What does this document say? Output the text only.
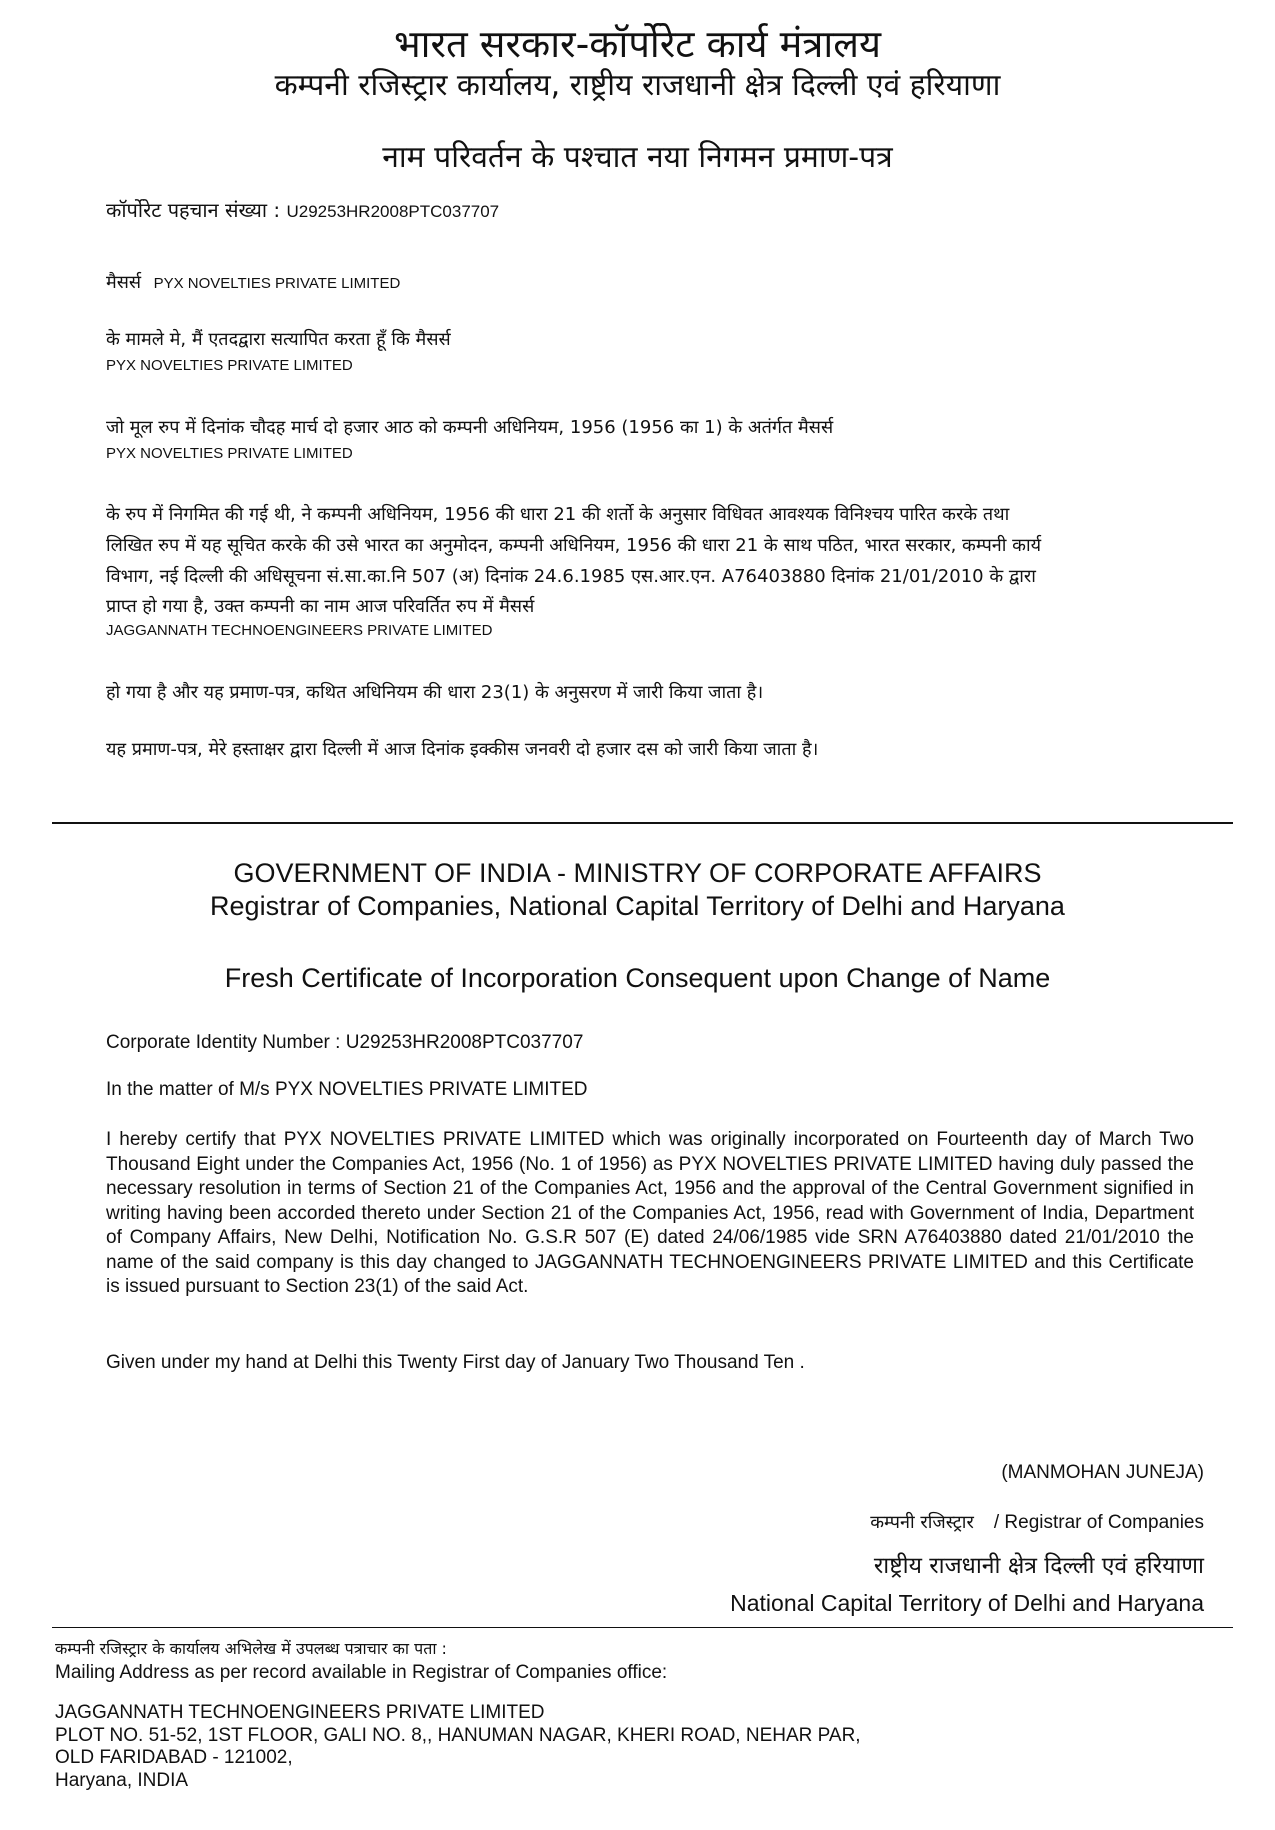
भारत सरकार-कॉर्पोरेट कार्य मंत्रालय
कम्पनी रजिस्ट्रार कार्यालय, राष्ट्रीय राजधानी क्षेत्र दिल्ली एवं हरियाणा
नाम परिवर्तन के पश्चात नया निगमन प्रमाण-पत्र
कॉर्पोरेट पहचान संख्या : U29253HR2008PTC037707
मैसर्स PYX NOVELTIES PRIVATE LIMITED
के मामले मे, मैं एतदद्वारा सत्यापित करता हूँ कि मैसर्स
PYX NOVELTIES PRIVATE LIMITED
जो मूल रुप में दिनांक चौदह मार्च दो हजार आठ को कम्पनी अधिनियम, 1956 (1956 का 1) के अतंर्गत मैसर्स
PYX NOVELTIES PRIVATE LIMITED
के रुप में निगमित की गई थी, ने कम्पनी अधिनियम, 1956 की धारा 21 की शर्तो के अनुसार विधिवत आवश्यक विनिश्चय पारित करके तथा
लिखित रुप में यह सूचित करके की उसे भारत का अनुमोदन, कम्पनी अधिनियम, 1956 की धारा 21 के साथ पठित, भारत सरकार, कम्पनी कार्य
विभाग, नई दिल्ली की अधिसूचना सं.सा.का.नि 507 (अ) दिनांक 24.6.1985 एस.आर.एन. A76403880 दिनांक 21/01/2010 के द्वारा
प्राप्त हो गया है, उक्त कम्पनी का नाम आज परिवर्तित रुप में मैसर्स
JAGGANNATH TECHNOENGINEERS PRIVATE LIMITED
हो गया है और यह प्रमाण-पत्र, कथित अधिनियम की धारा 23(1) के अनुसरण में जारी किया जाता है।
यह प्रमाण-पत्र, मेरे हस्ताक्षर द्वारा दिल्ली में आज दिनांक इक्कीस जनवरी दो हजार दस को जारी किया जाता है।
GOVERNMENT OF INDIA - MINISTRY OF CORPORATE AFFAIRS
Registrar of Companies, National Capital Territory of Delhi and Haryana
Fresh Certificate of Incorporation Consequent upon Change of Name
Corporate Identity Number : U29253HR2008PTC037707
In the matter of M/s PYX NOVELTIES PRIVATE LIMITED
I hereby certify that PYX NOVELTIES PRIVATE LIMITED which was originally incorporated on Fourteenth day of March Two Thousand Eight under the Companies Act, 1956 (No. 1 of 1956) as PYX NOVELTIES PRIVATE LIMITED having duly passed the necessary resolution in terms of Section 21 of the Companies Act, 1956 and the approval of the Central Government signified in writing having been accorded thereto under Section 21 of the Companies Act, 1956, read with Government of India, Department of Company Affairs, New Delhi, Notification No. G.S.R 507 (E) dated 24/06/1985 vide SRN A76403880 dated 21/01/2010 the name of the said company is this day changed to JAGGANNATH TECHNOENGINEERS PRIVATE LIMITED and this Certificate is issued pursuant to Section 23(1) of the said Act.
Given under my hand at Delhi this Twenty First day of January Two Thousand Ten .
(MANMOHAN JUNEJA)
कम्पनी रजिस्ट्रार / Registrar of Companies
राष्ट्रीय राजधानी क्षेत्र दिल्ली एवं हरियाणा
National Capital Territory of Delhi and Haryana
कम्पनी रजिस्ट्रार के कार्यालय अभिलेख में उपलब्ध पत्राचार का पता :
Mailing Address as per record available in Registrar of Companies office:
JAGGANNATH TECHNOENGINEERS PRIVATE LIMITED
PLOT NO. 51-52, 1ST FLOOR, GALI NO. 8,, HANUMAN NAGAR, KHERI ROAD, NEHAR PAR,
OLD FARIDABAD - 121002,
Haryana, INDIA
